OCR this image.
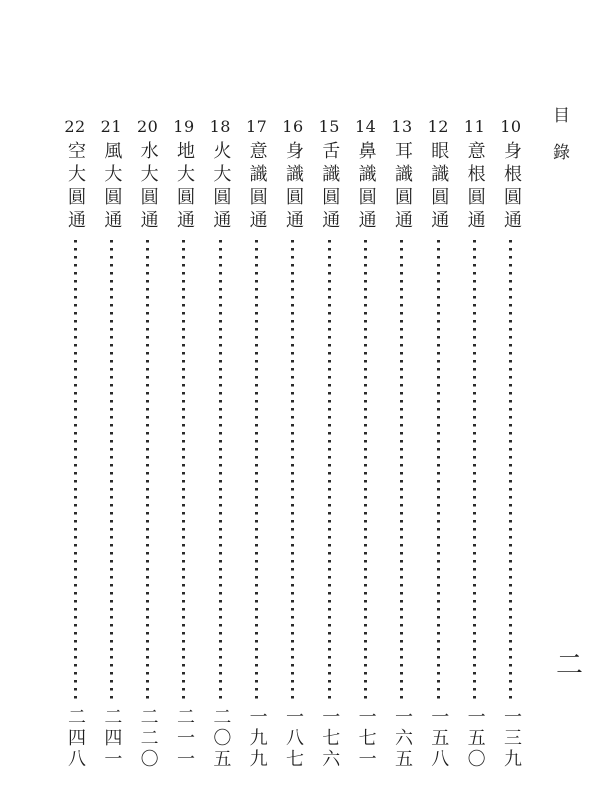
目錄
10
身根圓通
一三九
11
意根圓通
一五〇
12
眼識圓通
一五八
13
耳識圓通
一六五
14
鼻識圓通
一七一
15
舌識圓通
一七六
16
身識圓通
一八七
17
意識圓通
一九九
18
火大圓通
二〇五
19
地大圓通
二一一
20
水大圓通
二二〇
21
風大圓通
二四一
22
空大圓通
二四八
二
